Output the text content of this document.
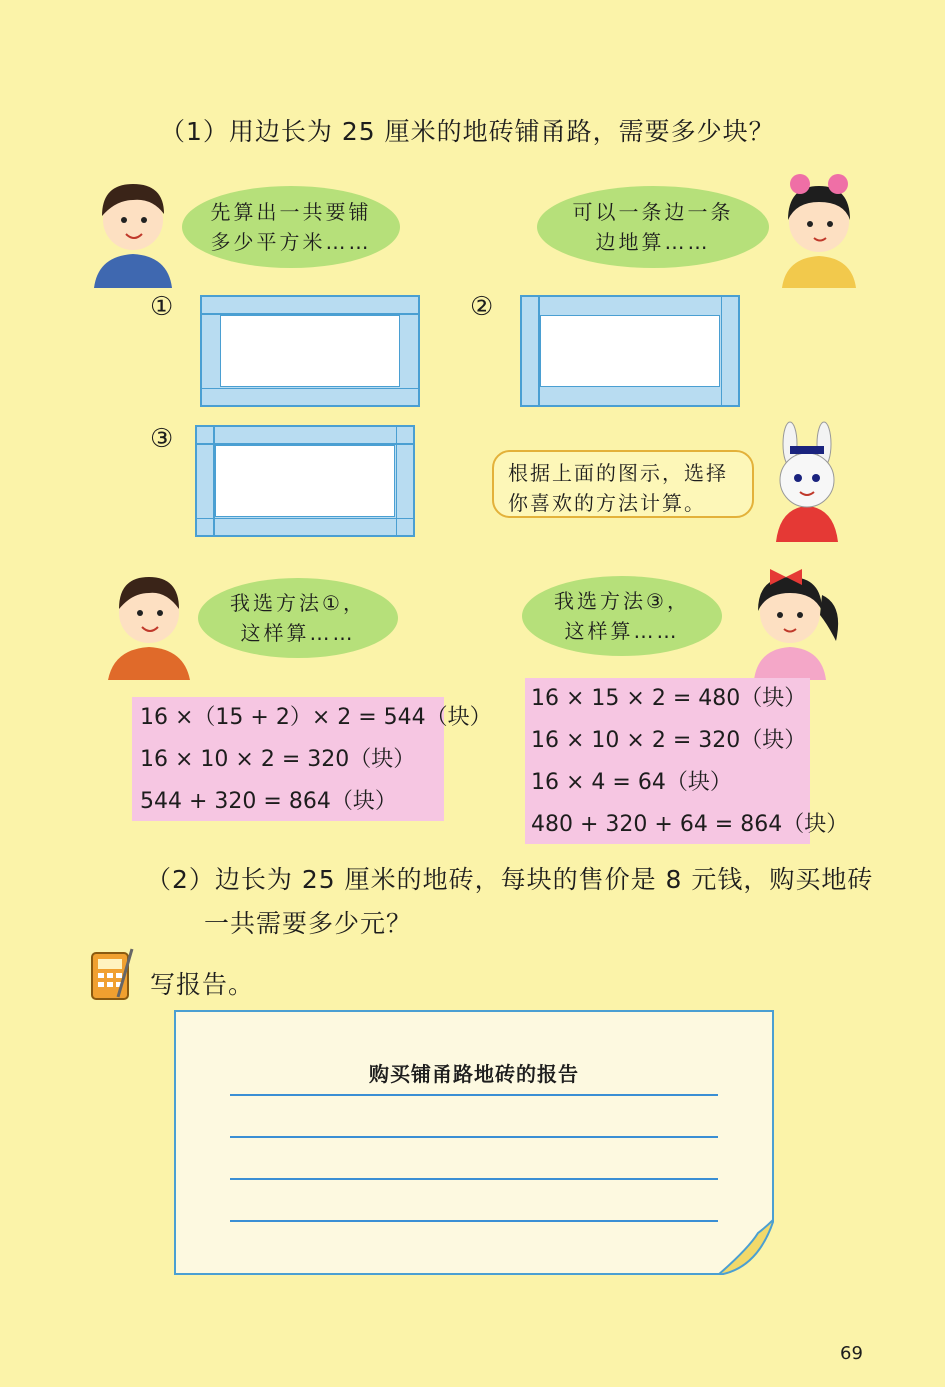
（1）用边长为 25 厘米的地砖铺甬路，需要多少块？
先算出一共要铺
多少平方米……
可以一条边一条
边地算……
①	②
③
根据上面的图示，选择
你喜欢的方法计算。
我选方法①，
这样算……
我选方法③，
这样算……
16 ×（15 + 2）× 2 = 544（块）
16 × 10 × 2 = 320（块）
544 + 320 = 864（块）
16 × 15 × 2 = 480（块）
16 × 10 × 2 = 320（块）
16 × 4 = 64（块）
480 + 320 + 64 = 864（块）
（2）边长为 25 厘米的地砖，每块的售价是 8 元钱，购买地砖
一共需要多少元？
写报告。
购买铺甬路地砖的报告
69
